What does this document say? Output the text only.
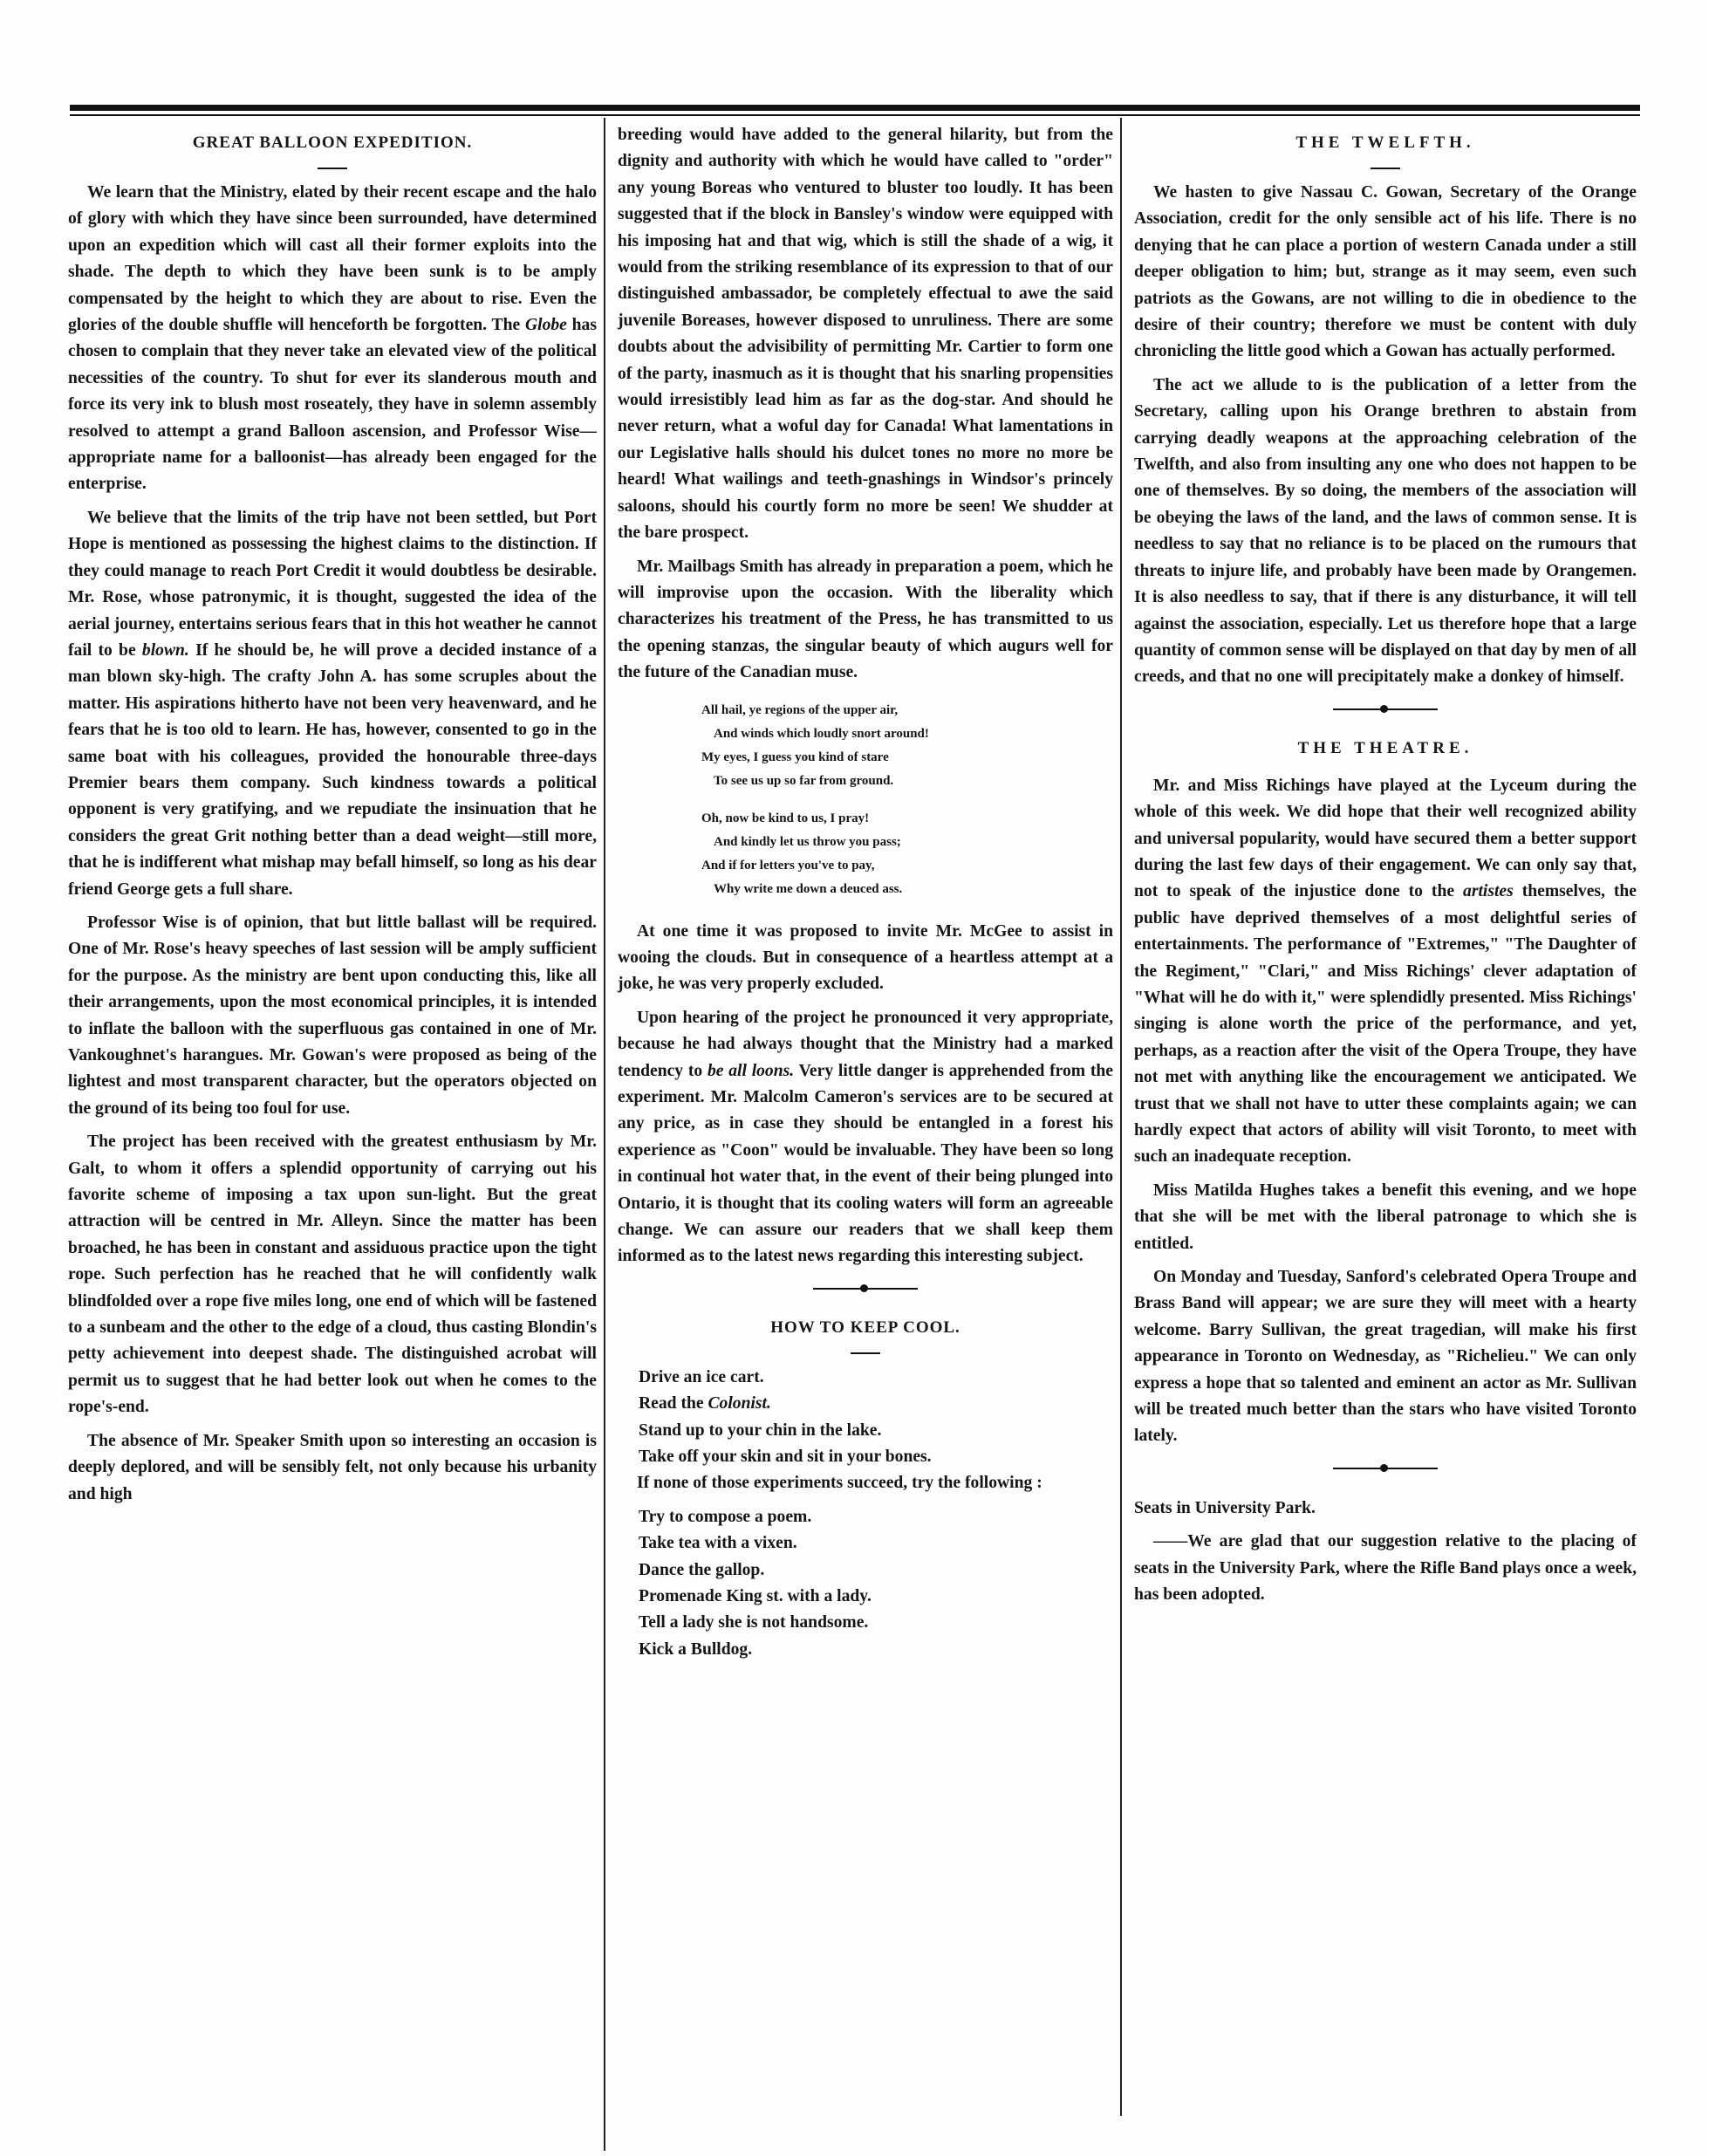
GREAT BALLOON EXPEDITION.

We learn that the Ministry, elated by their recent escape and the halo of glory with which they have since been surrounded, have determined upon an expedition which will cast all their former exploits into the shade. The depth to which they have been sunk is to be amply compensated by the height to which they are about to rise. Even the glories of the double shuffle will henceforth be forgotten. The Globe has chosen to complain that they never take an elevated view of the political necessities of the country. To shut for ever its slanderous mouth and force its very ink to blush most roseately, they have in solemn assembly resolved to attempt a grand Balloon ascension, and Professor Wise—appropriate name for a balloonist—has already been engaged for the enterprise.

We believe that the limits of the trip have not been settled, but Port Hope is mentioned as possessing the highest claims to the distinction. If they could manage to reach Port Credit it would doubtless be desirable. Mr. Rose, whose patronymic, it is thought, suggested the idea of the aerial journey, entertains serious fears that in this hot weather he cannot fail to be blown. If he should be, he will prove a decided instance of a man blown sky-high. The crafty John A. has some scruples about the matter. His aspirations hitherto have not been very heavenward, and he fears that he is too old to learn. He has, however, consented to go in the same boat with his colleagues, provided the honourable three-days Premier bears them company. Such kindness towards a political opponent is very gratifying, and we repudiate the insinuation that he considers the great Grit nothing better than a dead weight—still more, that he is indifferent what mishap may befall himself, so long as his dear friend George gets a full share.

Professor Wise is of opinion, that but little ballast will be required. One of Mr. Rose's heavy speeches of last session will be amply sufficient for the purpose. As the ministry are bent upon conducting this, like all their arrangements, upon the most economical principles, it is intended to inflate the balloon with the superfluous gas contained in one of Mr. Vankoughnet's harangues. Mr. Gowan's were proposed as being of the lightest and most transparent character, but the operators objected on the ground of its being too foul for use.

The project has been received with the greatest enthusiasm by Mr. Galt, to whom it offers a splendid opportunity of carrying out his favorite scheme of imposing a tax upon sun-light. But the great attraction will be centred in Mr. Alleyn. Since the matter has been broached, he has been in constant and assiduous practice upon the tight rope. Such perfection has he reached that he will confidently walk blindfolded over a rope five miles long, one end of which will be fastened to a sunbeam and the other to the edge of a cloud, thus casting Blondin's petty achievement into deepest shade. The distinguished acrobat will permit us to suggest that he had better look out when he comes to the rope's-end.

The absence of Mr. Speaker Smith upon so interesting an occasion is deeply deplored, and will be sensibly felt, not only because his urbanity and high

breeding would have added to the general hilarity, but from the dignity and authority with which he would have called to "order" any young Boreas who ventured to bluster too loudly. It has been suggested that if the block in Bansley's window were equipped with his imposing hat and that wig, which is still the shade of a wig, it would from the striking resemblance of its expression to that of our distinguished ambassador, be completely effectual to awe the said juvenile Boreases, however disposed to unruliness. There are some doubts about the advisibility of permitting Mr. Cartier to form one of the party, inasmuch as it is thought that his snarling propensities would irresistibly lead him as far as the dog-star. And should he never return, what a woful day for Canada! What lamentations in our Legislative halls should his dulcet tones no more no more be heard! What wailings and teeth-gnashings in Windsor's princely saloons, should his courtly form no more be seen! We shudder at the bare prospect.

Mr. Mailbags Smith has already in preparation a poem, which he will improvise upon the occasion. With the liberality which characterizes his treatment of the Press, he has transmitted to us the opening stanzas, the singular beauty of which augurs well for the future of the Canadian muse.

All hail, ye regions of the upper air,
And winds which loudly snort around!
My eyes, I guess you kind of stare
To see us up so far from ground.
Oh, now be kind to us, I pray!
And kindly let us throw you pass;
And if for letters you've to pay,
Why write me down a deuced ass.

At one time it was proposed to invite Mr. McGee to assist in wooing the clouds. But in consequence of a heartless attempt at a joke, he was very properly excluded.

Upon hearing of the project he pronounced it very appropriate, because he had always thought that the Ministry had a marked tendency to be all loons. Very little danger is apprehended from the experiment. Mr. Malcolm Cameron's services are to be secured at any price, as in case they should be entangled in a forest his experience as "Coon" would be invaluable. They have been so long in continual hot water that, in the event of their being plunged into Ontario, it is thought that its cooling waters will form an agreeable change. We can assure our readers that we shall keep them informed as to the latest news regarding this interesting subject.

HOW TO KEEP COOL.
Drive an ice cart.
Read the Colonist.
Stand up to your chin in the lake.
Take off your skin and sit in your bones.

If none of those experiments succeed, try the following :

Try to compose a poem.
Take tea with a vixen.
Dance the gallop.
Promenade King st. with a lady.
Tell a lady she is not handsome.
Kick a Bulldog.
THE TWELFTH.

We hasten to give Nassau C. Gowan, Secretary of the Orange Association, credit for the only sensible act of his life. There is no denying that he can place a portion of western Canada under a still deeper obligation to him; but, strange as it may seem, even such patriots as the Gowans, are not willing to die in obedience to the desire of their country; therefore we must be content with duly chronicling the little good which a Gowan has actually performed.

The act we allude to is the publication of a letter from the Secretary, calling upon his Orange brethren to abstain from carrying deadly weapons at the approaching celebration of the Twelfth, and also from insulting any one who does not happen to be one of themselves. By so doing, the members of the association will be obeying the laws of the land, and the laws of common sense. It is needless to say that no reliance is to be placed on the rumours that threats to injure life, and probably have been made by Orangemen. It is also needless to say, that if there is any disturbance, it will tell against the association, especially. Let us therefore hope that a large quantity of common sense will be displayed on that day by men of all creeds, and that no one will precipitately make a donkey of himself.

THE THEATRE.

Mr. and Miss Richings have played at the Lyceum during the whole of this week. We did hope that their well recognized ability and universal popularity, would have secured them a better support during the last few days of their engagement. We can only say that, not to speak of the injustice done to the artistes themselves, the public have deprived themselves of a most delightful series of entertainments. The performance of "Extremes," "The Daughter of the Regiment," "Clari," and Miss Richings' clever adaptation of "What will he do with it," were splendidly presented. Miss Richings' singing is alone worth the price of the performance, and yet, perhaps, as a reaction after the visit of the Opera Troupe, they have not met with anything like the encouragement we anticipated. We trust that we shall not have to utter these complaints again; we can hardly expect that actors of ability will visit Toronto, to meet with such an inadequate reception.

Miss Matilda Hughes takes a benefit this evening, and we hope that she will be met with the liberal patronage to which she is entitled.

On Monday and Tuesday, Sanford's celebrated Opera Troupe and Brass Band will appear; we are sure they will meet with a hearty welcome. Barry Sullivan, the great tragedian, will make his first appearance in Toronto on Wednesday, as "Richelieu." We can only express a hope that so talented and eminent an actor as Mr. Sullivan will be treated much better than the stars who have visited Toronto lately.

Seats in University Park.

——We are glad that our suggestion relative to the placing of seats in the University Park, where the Rifle Band plays once a week, has been adopted.
